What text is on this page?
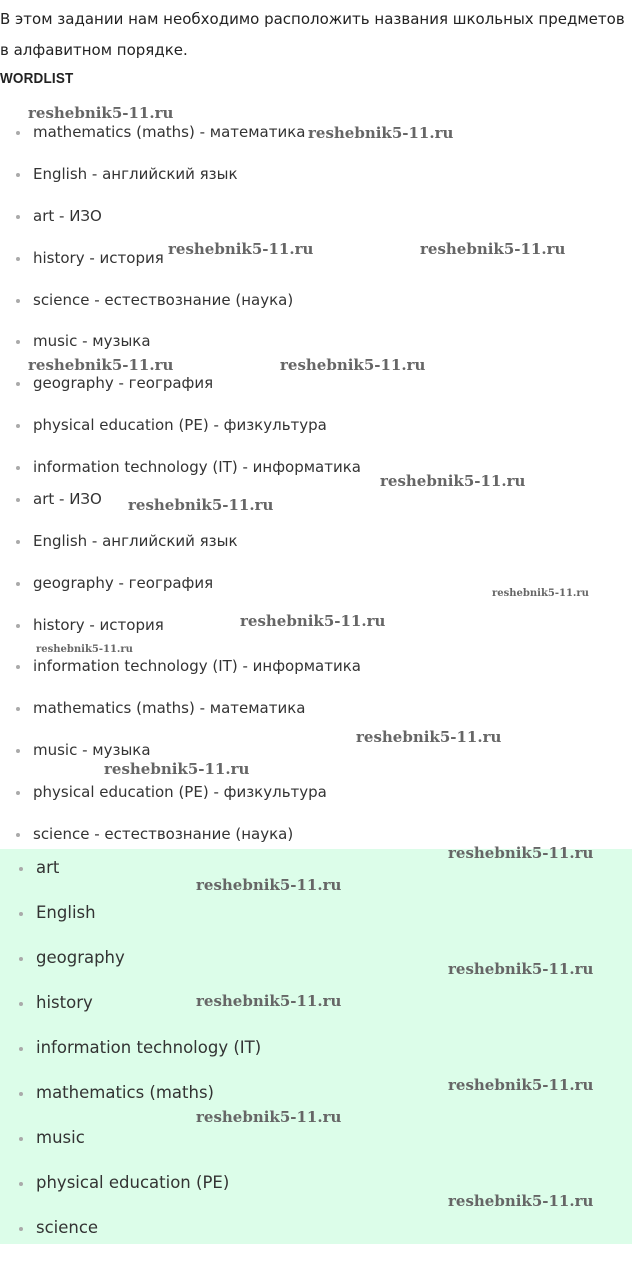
В этом задании нам необходимо расположить названия школьных предметов
в алфавитном порядке.
WORDLIST
mathematics (maths) - математика
English - английский язык
art - ИЗО
history - история
science - естествознание (наука)
music - музыка
geography - география
physical education (PE) - физкультура
information technology (IT) - информатика
art - ИЗО
English - английский язык
geography - география
history - история
information technology (IT) - информатика
mathematics (maths) - математика
music - музыка
physical education (PE) - физкультура
science - естествознание (наука)
art
English
geography
history
information technology (IT)
mathematics (maths)
music
physical education (PE)
science
reshebnik5-11.ru
reshebnik5-11.ru
reshebnik5-11.ru	reshebnik5-11.ru
reshebnik5-11.ru	reshebnik5-11.ru
reshebnik5-11.ru
reshebnik5-11.ru
reshebnik5-11.ru
reshebnik5-11.ru
reshebnik5-11.ru
reshebnik5-11.ru
reshebnik5-11.ru
reshebnik5-11.ru
reshebnik5-11.ru
reshebnik5-11.ru
reshebnik5-11.ru
reshebnik5-11.ru
reshebnik5-11.ru
reshebnik5-11.ru
